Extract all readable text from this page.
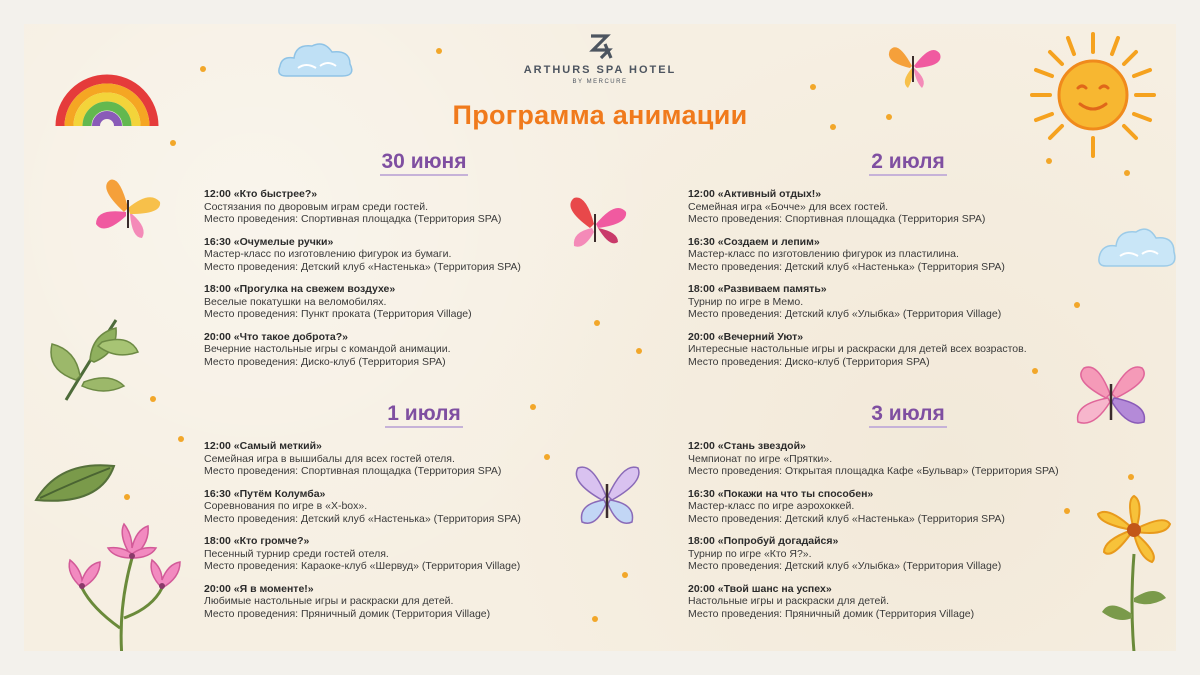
ARTHURS SPA HOTEL
BY MERCURE
Программа анимации
30 июня
12:00 «Кто быстрее?»
Состязания по дворовым играм среди гостей.
Место проведения: Спортивная площадка (Территория SPA)
16:30 «Очумелые ручки»
Мастер-класс по изготовлению фигурок из бумаги.
Место проведения: Детский клуб «Настенька» (Территория SPA)
18:00 «Прогулка на свежем воздухе»
Веселые покатушки на веломобилях.
Место проведения: Пункт проката (Территория Village)
20:00 «Что такое доброта?»
Вечерние настольные игры с командой анимации.
Место проведения: Диско-клуб (Территория SPA)
2 июля
12:00 «Активный отдых!»
Семейная игра «Бочче» для всех гостей.
Место проведения: Спортивная площадка (Территория SPA)
16:30 «Создаем и лепим»
Мастер-класс по изготовлению фигурок из пластилина.
Место проведения: Детский клуб «Настенька» (Территория SPA)
18:00 «Развиваем память»
Турнир по игре в Мемо.
Место проведения: Детский клуб «Улыбка» (Территория Village)
20:00 «Вечерний Уют»
Интересные настольные игры и раскраски для детей всех возрастов.
Место проведения: Диско-клуб (Территория SPA)
1 июля
12:00 «Самый меткий»
Семейная игра в вышибалы для всех гостей отеля.
Место проведения: Спортивная площадка (Территория SPA)
16:30 «Путём Колумба»
Соревнования по игре в «X-box».
Место проведения: Детский клуб «Настенька» (Территория SPA)
18:00 «Кто громче?»
Песенный турнир среди гостей отеля.
Место проведения: Караоке-клуб «Шервуд» (Территория Village)
20:00 «Я в моменте!»
Любимые настольные игры и раскраски для детей.
Место проведения: Пряничный домик (Территория Village)
3 июля
12:00 «Стань звездой»
Чемпионат по игре «Прятки».
Место проведения: Открытая площадка Кафе «Бульвар» (Территория SPA)
16:30 «Покажи на что ты способен»
Мастер-класс по игре аэрохоккей.
Место проведения: Детский клуб «Настенька» (Территория SPA)
18:00 «Попробуй догадайся»
Турнир по игре «Кто Я?».
Место проведения: Детский клуб «Улыбка» (Территория Village)
20:00 «Твой шанс на успех»
Настольные игры и раскраски для детей.
Место проведения: Пряничный домик (Территория Village)
